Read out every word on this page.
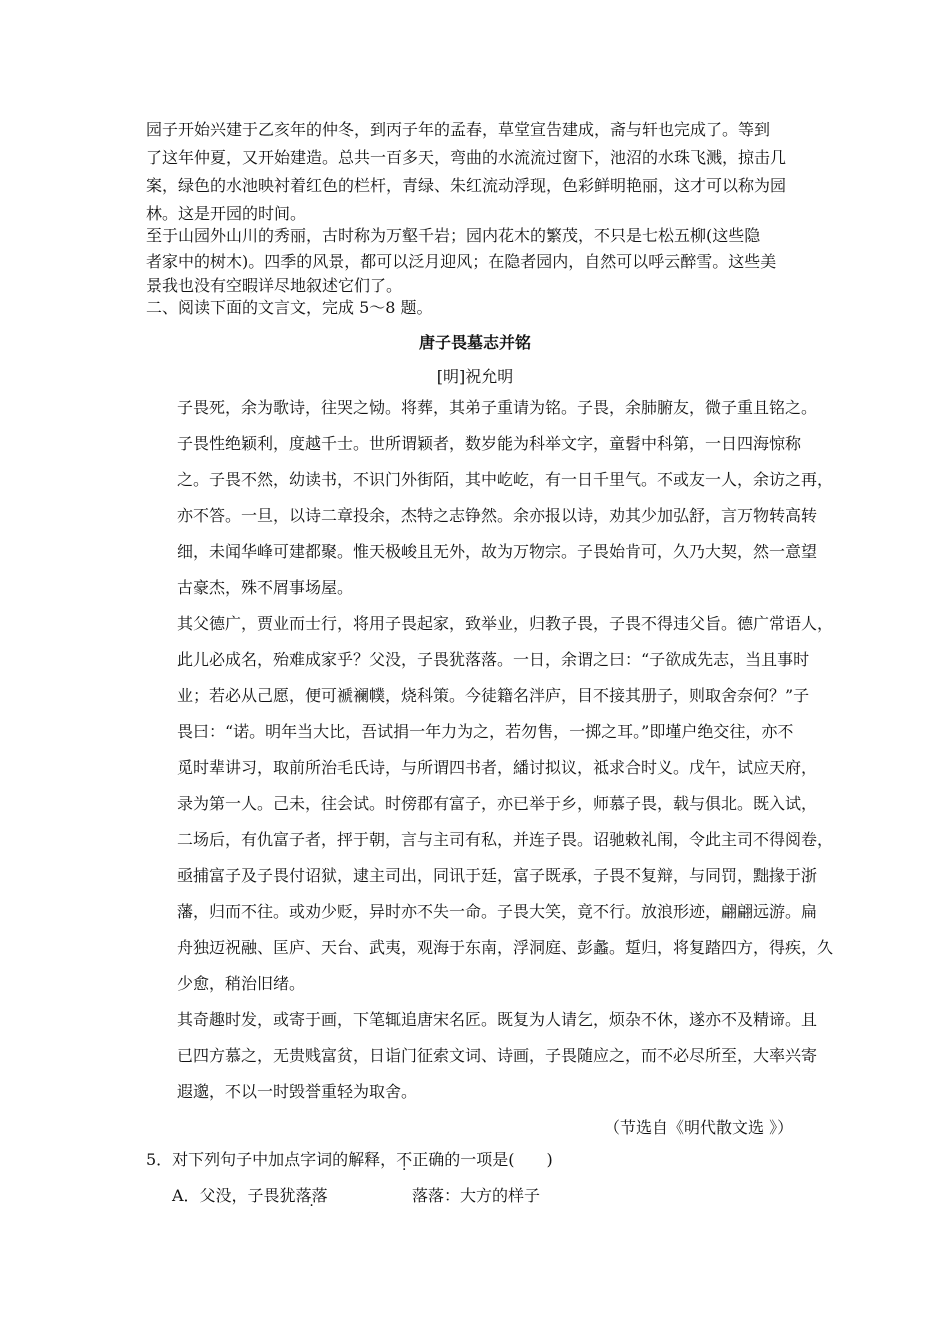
园子开始兴建于乙亥年的仲冬，到丙子年的孟春，草堂宣告建成，斋与轩也完成了。等到
了这年仲夏，又开始建造。总共一百多天，弯曲的水流流过窗下，池沼的水珠飞溅，掠击几
案，绿色的水池映衬着红色的栏杆，青绿、朱红流动浮现，色彩鲜明艳丽，这才可以称为园
林。这是开园的时间。
至于山园外山川的秀丽，古时称为万壑千岩；园内花木的繁茂，不只是七松五柳(这些隐
者家中的树木)。四季的风景，都可以泛月迎风；在隐者园内，自然可以呼云醉雪。这些美
景我也没有空暇详尽地叙述它们了。
二、阅读下面的文言文，完成 5～8 题。
唐子畏墓志并铭
[明]祝允明
子畏死，余为歌诗，往哭之恸。将葬，其弟子重请为铭。子畏，余肺腑友，微子重且铭之。
子畏性绝颖利，度越千士。世所谓颖者，数岁能为科举文字，童髫中科第，一日四海惊称
之。子畏不然，幼读书，不识门外街陌，其中屹屹，有一日千里气。不或友一人，余访之再，
亦不答。一旦，以诗二章投余，杰特之志铮然。余亦报以诗，劝其少加弘舒，言万物转高转
细，未闻华峰可建都聚。惟天极峻且无外，故为万物宗。子畏始肯可，久乃大契，然一意望
古豪杰，殊不屑事场屋。
其父德广，贾业而士行，将用子畏起家，致举业，归教子畏，子畏不得违父旨。德广常语人，
此儿必成名，殆难成家乎？父没，子畏犹落落。一日，余谓之曰：“子欲成先志，当且事时
业；若必从己愿，便可褫襕幞，烧科策。今徒籍名泮庐，目不接其册子，则取舍奈何？”子
畏曰：“诺。明年当大比，吾试捐一年力为之，若勿售，一掷之耳。”即墐户绝交往，亦不
觅时辈讲习，取前所治毛氏诗，与所谓四书者，繙讨拟议，祗求合时义。戊午，试应天府，
录为第一人。己未，往会试。时傍郡有富子，亦已举于乡，师慕子畏，载与俱北。既入试，
二场后，有仇富子者，抨于朝，言与主司有私，并连子畏。诏驰敕礼闱，令此主司不得阅卷，
亟捕富子及子畏付诏狱，逮主司出，同讯于廷，富子既承，子畏不复辩，与同罚，黜掾于浙
藩，归而不往。或劝少贬，异时亦不失一命。子畏大笑，竟不行。放浪形迹，翩翩远游。扁
舟独迈祝融、匡庐、天台、武夷，观海于东南，浮洞庭、彭蠡。踅归，将复踏四方，得疾，久
少愈，稍治旧绪。
其奇趣时发，或寄于画，下笔辄追唐宋名匠。既复为人请乞，烦杂不休，遂亦不及精谛。且
已四方慕之，无贵贱富贫，日诣门征索文词、诗画，子畏随应之，而不必尽所至，大率兴寄
遐邈，不以一时毁誉重轻为取舍。
（节选自《明代散文选 》）
5．对下列句子中加点字词的解释，不正确的一项是(　　)
A．父没，子畏犹落落	落落：大方的样子
